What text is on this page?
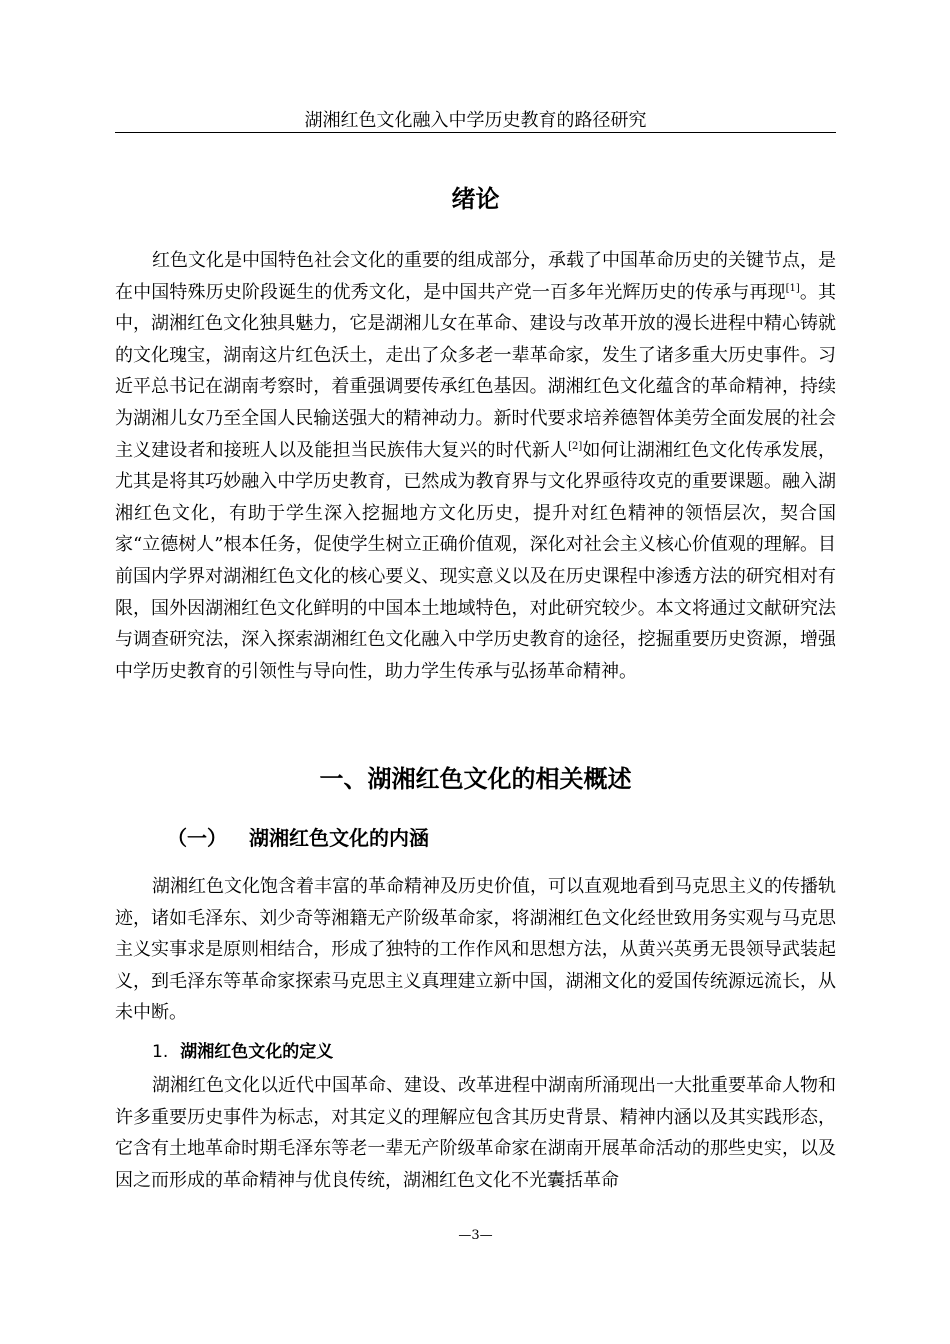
湖湘红色文化融入中学历史教育的路径研究
绪论

红色文化是中国特色社会文化的重要的组成部分，承载了中国革命历史的关键节点，是在中国特殊历史阶段诞生的优秀文化，是中国共产党一百多年光辉历史的传承与再现[1]。其中，湖湘红色文化独具魅力，它是湖湘儿女在革命、建设与改革开放的漫长进程中精心铸就的文化瑰宝，湖南这片红色沃土，走出了众多老一辈革命家，发生了诸多重大历史事件。习近平总书记在湖南考察时，着重强调要传承红色基因。湖湘红色文化蕴含的革命精神，持续为湖湘儿女乃至全国人民输送强大的精神动力。新时代要求培养德智体美劳全面发展的社会主义建设者和接班人以及能担当民族伟大复兴的时代新人[2]如何让湖湘红色文化传承发展，尤其是将其巧妙融入中学历史教育，已然成为教育界与文化界亟待攻克的重要课题。融入湖湘红色文化，有助于学生深入挖掘地方文化历史，提升对红色精神的领悟层次，契合国家“立德树人”根本任务，促使学生树立正确价值观，深化对社会主义核心价值观的理解。目前国内学界对湖湘红色文化的核心要义、现实意义以及在历史课程中渗透方法的研究相对有限，国外因湖湘红色文化鲜明的中国本土地域特色，对此研究较少。本文将通过文献研究法与调查研究法，深入探索湖湘红色文化融入中学历史教育的途径，挖掘重要历史资源，增强中学历史教育的引领性与导向性，助力学生传承与弘扬革命精神。

一、湖湘红色文化的相关概述
（一） 湖湘红色文化的内涵

湖湘红色文化饱含着丰富的革命精神及历史价值，可以直观地看到马克思主义的传播轨迹，诸如毛泽东、刘少奇等湘籍无产阶级革命家，将湖湘红色文化经世致用务实观与马克思主义实事求是原则相结合，形成了独特的工作作风和思想方法，从黄兴英勇无畏领导武装起义，到毛泽东等革命家探索马克思主义真理建立新中国，湖湘文化的爱国传统源远流长，从未中断。

1. 湖湘红色文化的定义

湖湘红色文化以近代中国革命、建设、改革进程中湖南所涌现出一大批重要革命人物和许多重要历史事件为标志，对其定义的理解应包含其历史背景、精神内涵以及其实践形态，它含有土地革命时期毛泽东等老一辈无产阶级革命家在湖南开展革命活动的那些史实，以及因之而形成的革命精神与优良传统，湖湘红色文化不光囊括革命

—3—
